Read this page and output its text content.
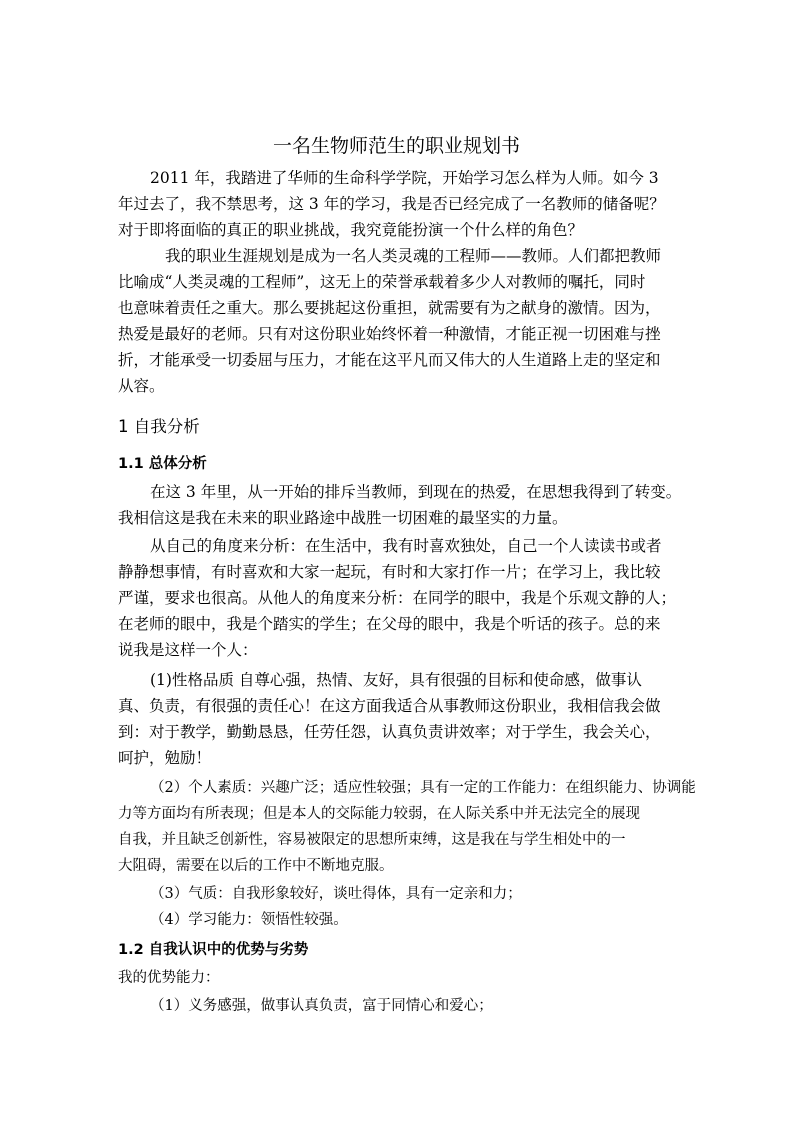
一名生物师范生的职业规划书
2011 年，我踏进了华师的生命科学学院，开始学习怎么样为人师。如今 3
年过去了，我不禁思考，这 3 年的学习，我是否已经完成了一名教师的储备呢？
对于即将面临的真正的职业挑战，我究竟能扮演一个什么样的角色？
我的职业生涯规划是成为一名人类灵魂的工程师——教师。人们都把教师
比喻成“人类灵魂的工程师”，这无上的荣誉承载着多少人对教师的嘱托，同时
也意味着责任之重大。那么要挑起这份重担，就需要有为之献身的激情。因为，
热爱是最好的老师。只有对这份职业始终怀着一种激情，才能正视一切困难与挫
折，才能承受一切委屈与压力，才能在这平凡而又伟大的人生道路上走的坚定和
从容。
1 自我分析
1.1 总体分析
在这 3 年里，从一开始的排斥当教师，到现在的热爱，在思想我得到了转变。
我相信这是我在未来的职业路途中战胜一切困难的最坚实的力量。
从自己的角度来分析：在生活中，我有时喜欢独处，自己一个人读读书或者
静静想事情，有时喜欢和大家一起玩，有时和大家打作一片；在学习上，我比较
严谨，要求也很高。从他人的角度来分析：在同学的眼中，我是个乐观文静的人；
在老师的眼中，我是个踏实的学生；在父母的眼中，我是个听话的孩子。总的来
说我是这样一个人：
(1)性格品质 自尊心强，热情、友好，具有很强的目标和使命感，做事认
真、负责，有很强的责任心！在这方面我适合从事教师这份职业，我相信我会做
到：对于教学，勤勤恳恳，任劳任怨，认真负责讲效率；对于学生，我会关心，
呵护，勉励！
（2）个人素质：兴趣广泛；适应性较强；具有一定的工作能力：在组织能力、协调能
力等方面均有所表现；但是本人的交际能力较弱，在人际关系中并无法完全的展现
自我，并且缺乏创新性，容易被限定的思想所束缚，这是我在与学生相处中的一
大阻碍，需要在以后的工作中不断地克服。
（3）气质：自我形象较好，谈吐得体，具有一定亲和力；
（4）学习能力：领悟性较强。
1.2 自我认识中的优势与劣势
我的优势能力：
（1）义务感强，做事认真负责，富于同情心和爱心；
